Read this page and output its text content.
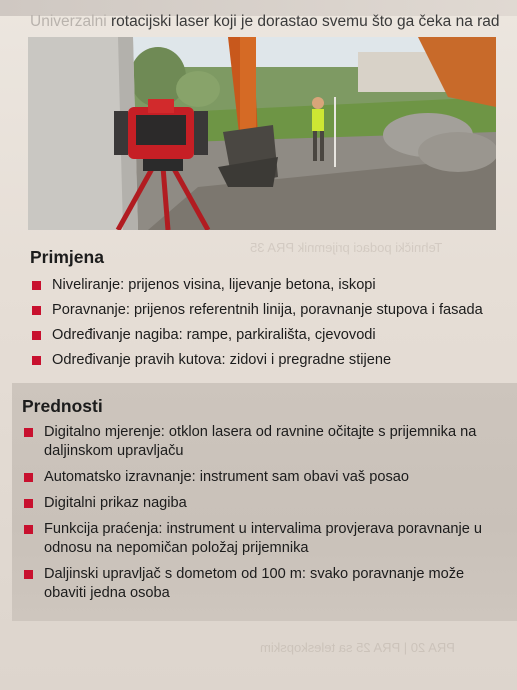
Univerzalni rotacijski laser koji je dorastao svemu što ga čeka na rad
Tehnički podaci prijemnik PRA 35
PRA 20 | PRA 25 sa teleskopskim
Primjena
Niveliranje: prijenos visina, lijevanje betona, iskopi
Poravnanje: prijenos referentnih linija, poravnanje stupova i fasada
Određivanje nagiba: rampe, parkirališta, cjevovodi
Određivanje pravih kutova: zidovi i pregradne stijene
Prednosti
Digitalno mjerenje: otklon lasera od ravnine očitajte s prijemnika na daljinskom upravljaču
Automatsko izravnanje: instrument sam obavi vaš posao
Digitalni prikaz nagiba
Funkcija praćenja: instrument u intervalima provjerava poravnanje u odnosu na nepomičan položaj prijemnika
Daljinski upravljač s dometom od 100 m: svako poravnanje može obaviti jedna osoba
